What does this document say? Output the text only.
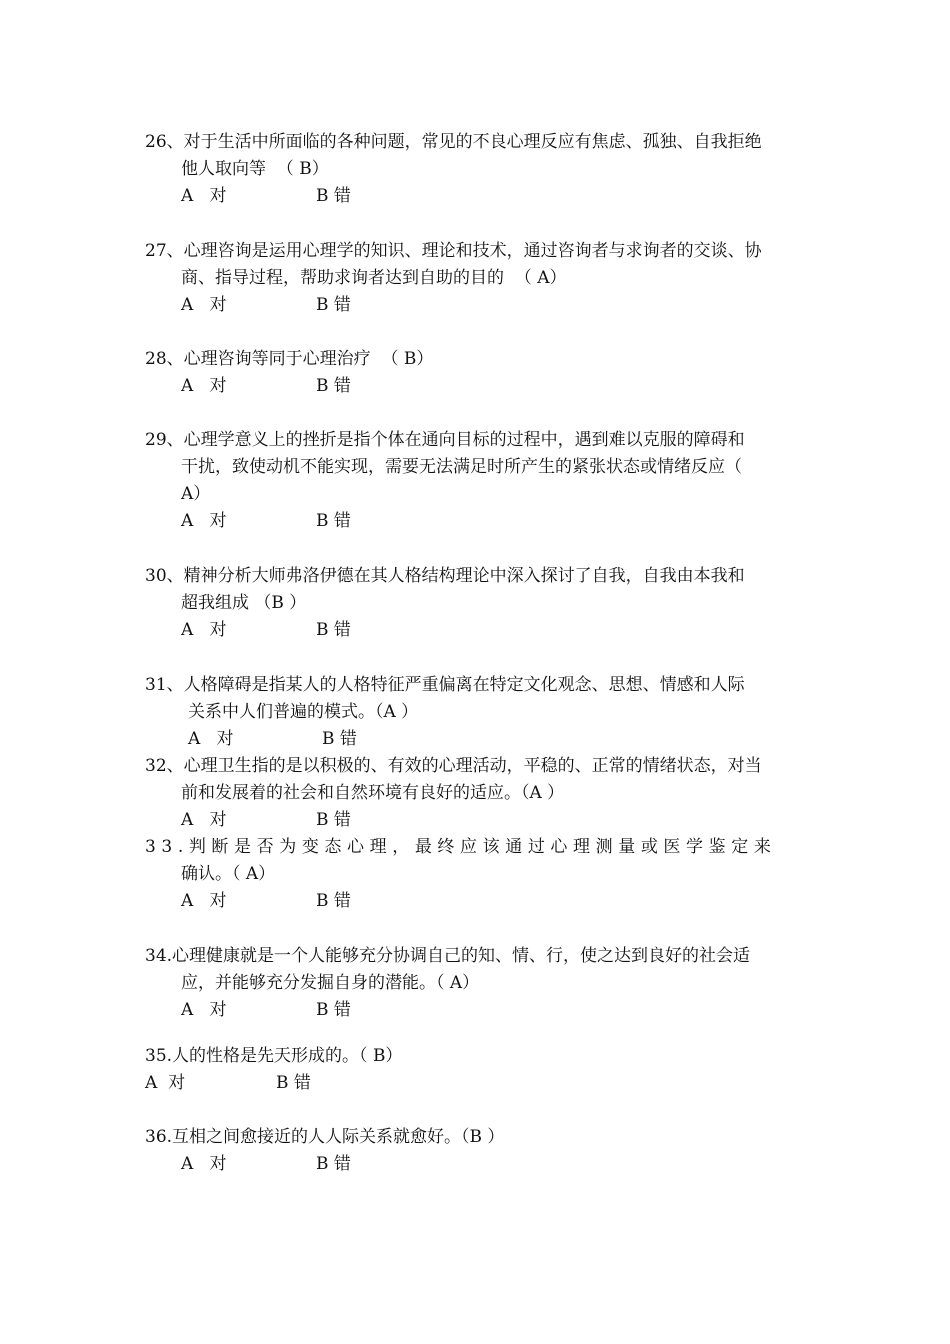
26、对于生活中所面临的各种问题，常见的不良心理反应有焦虑、孤独、自我拒绝
他人取向等  （ B）
A   对	B 错
27、心理咨询是运用心理学的知识、理论和技术，通过咨询者与求询者的交谈、协
商、指导过程，帮助求询者达到自助的目的  （ A）
A   对	B 错
28、心理咨询等同于心理治疗  （ B）
A   对	B 错
29、心理学意义上的挫折是指个体在通向目标的过程中，遇到难以克服的障碍和
干扰，致使动机不能实现，需要无法满足时所产生的紧张状态或情绪反应（
A）
A   对	B 错
30、精神分析大师弗洛伊德在其人格结构理论中深入探讨了自我，自我由本我和
超我组成 （B ）
A   对	B 错
31、人格障碍是指某人的人格特征严重偏离在特定文化观念、思想、情感和人际
关系中人们普遍的模式。（A ）
A   对	B 错
32、心理卫生指的是以积极的、有效的心理活动，平稳的、正常的情绪状态，对当
前和发展着的社会和自然环境有良好的适应。（A ）
A   对	B 错
33.判断是否为变态心理，最终应该通过心理测量或医学鉴定来
确认。（ A）
A   对	B 错
34.心理健康就是一个人能够充分协调自己的知、情、行，使之达到良好的社会适
应，并能够充分发掘自身的潜能。（ A）
A   对	B 错
35.人的性格是先天形成的。（ B）
A  对	B 错
36.互相之间愈接近的人人际关系就愈好。（B ）
A   对	B 错
